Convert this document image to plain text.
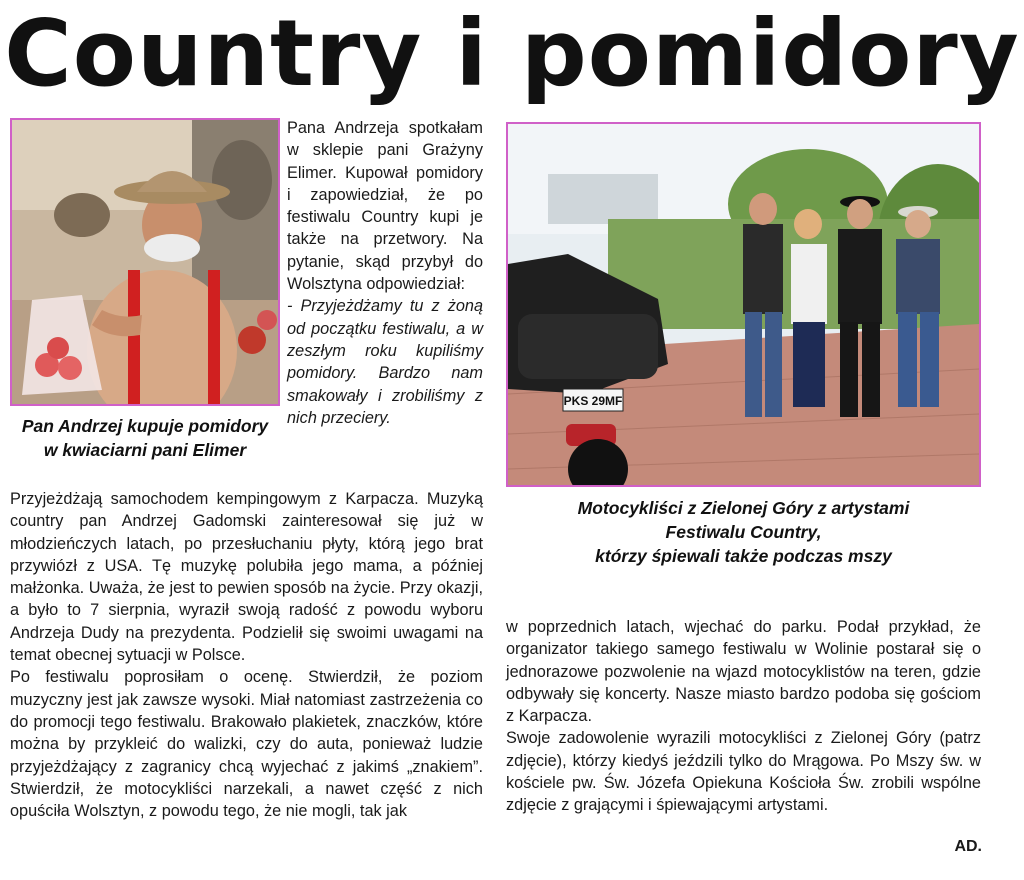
Country i pomidory
Pan Andrzej kupuje pomidory
w kwiaciarni pani Elimer
PKS 29MF
Motocykliści z Zielonej Góry z artystami
Festiwalu Country,
którzy śpiewali także podczas mszy

Pana Andrzeja spotkałam w sklepie pani Grażyny Elimer. Kupował pomidory i zapowiedział, że po festiwalu Country kupi je także na przetwory. Na pytanie, skąd przybył do Wolsztyna odpowiedział:

- Przyjeżdżamy tu z żoną od początku festiwalu, a w zeszłym roku kupiliśmy pomidory. Bardzo nam smakowały i zrobiliśmy z nich przeciery.

Przyjeżdżają samochodem kempingowym z Karpacza. Muzyką country pan Andrzej Gadomski zainteresował się już w młodzieńczych latach, po przesłuchaniu płyty, którą jego brat przywiózł z USA. Tę muzykę polubiła jego mama, a później małżonka. Uważa, że jest to pewien sposób na życie. Przy okazji, a było to 7 sierpnia, wyraził swoją radość z powodu wyboru Andrzeja Dudy na prezydenta. Podzielił się swoimi uwagami na temat obecnej sytuacji w Polsce.

Po festiwalu poprosiłam o ocenę. Stwierdził, że poziom muzyczny jest jak zawsze wysoki. Miał natomiast zastrzeżenia co do promocji tego festiwalu. Brakowało plakietek, znaczków, które można by przykleić do walizki, czy do auta, ponieważ ludzie przyjeżdżający z zagranicy chcą wyjechać z jakimś „znakiem”. Stwierdził, że motocykliści narzekali, a nawet część z nich opuściła Wolsztyn, z powodu tego, że nie mogli, tak jak

w poprzednich latach, wjechać do parku. Podał przykład, że organizator takiego samego festiwalu w Wolinie postarał się o jednorazowe pozwolenie na wjazd motocyklistów na teren, gdzie odbywały się koncerty. Nasze miasto bardzo podoba się gościom z Karpacza.

Swoje zadowolenie wyrazili motocykliści z Zielonej Góry (patrz zdjęcie), którzy kiedyś jeździli tylko do Mrągowa. Po Mszy św. w kościele pw. Św. Józefa Opiekuna Kościoła Św. zrobili wspólne zdjęcie z grającymi i śpiewającymi artystami.

AD.
